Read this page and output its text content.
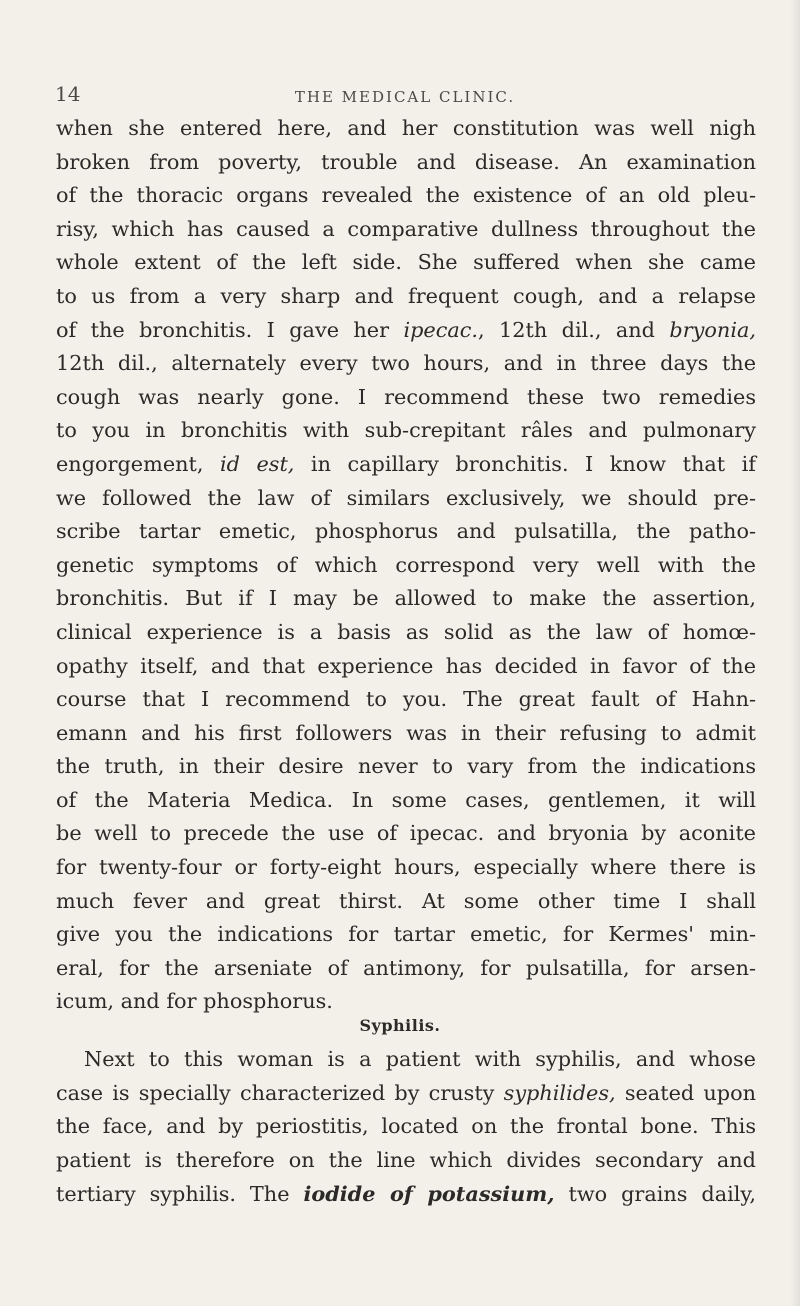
14	THE MEDICAL CLINIC.
when she entered here, and her constitution was well nigh
broken from poverty, trouble and disease. An examination
of the thoracic organs revealed the existence of an old pleu-
risy, which has caused a comparative dullness throughout the
whole extent of the left side. She suffered when she came
to us from a very sharp and frequent cough, and a relapse
of the bronchitis. I gave her ipecac., 12th dil., and bryonia,
12th dil., alternately every two hours, and in three days the
cough was nearly gone. I recommend these two remedies
to you in bronchitis with sub-crepitant râles and pulmonary
engorgement, id est, in capillary bronchitis. I know that if
we followed the law of similars exclusively, we should pre-
scribe tartar emetic, phosphorus and pulsatilla, the patho-
genetic symptoms of which correspond very well with the
bronchitis. But if I may be allowed to make the assertion,
clinical experience is a basis as solid as the law of homœ-
opathy itself, and that experience has decided in favor of the
course that I recommend to you. The great fault of Hahn-
emann and his first followers was in their refusing to admit
the truth, in their desire never to vary from the indications
of the Materia Medica. In some cases, gentlemen, it will
be well to precede the use of ipecac. and bryonia by aconite
for twenty-four or forty-eight hours, especially where there is
much fever and great thirst. At some other time I shall
give you the indications for tartar emetic, for Kermes' min-
eral, for the arseniate of antimony, for pulsatilla, for arsen-
icum, and for phosphorus.
Syphilis.
Next to this woman is a patient with syphilis, and whose
case is specially characterized by crusty syphilides, seated upon
the face, and by periostitis, located on the frontal bone. This
patient is therefore on the line which divides secondary and
tertiary syphilis. The iodide of potassium, two grains daily,
